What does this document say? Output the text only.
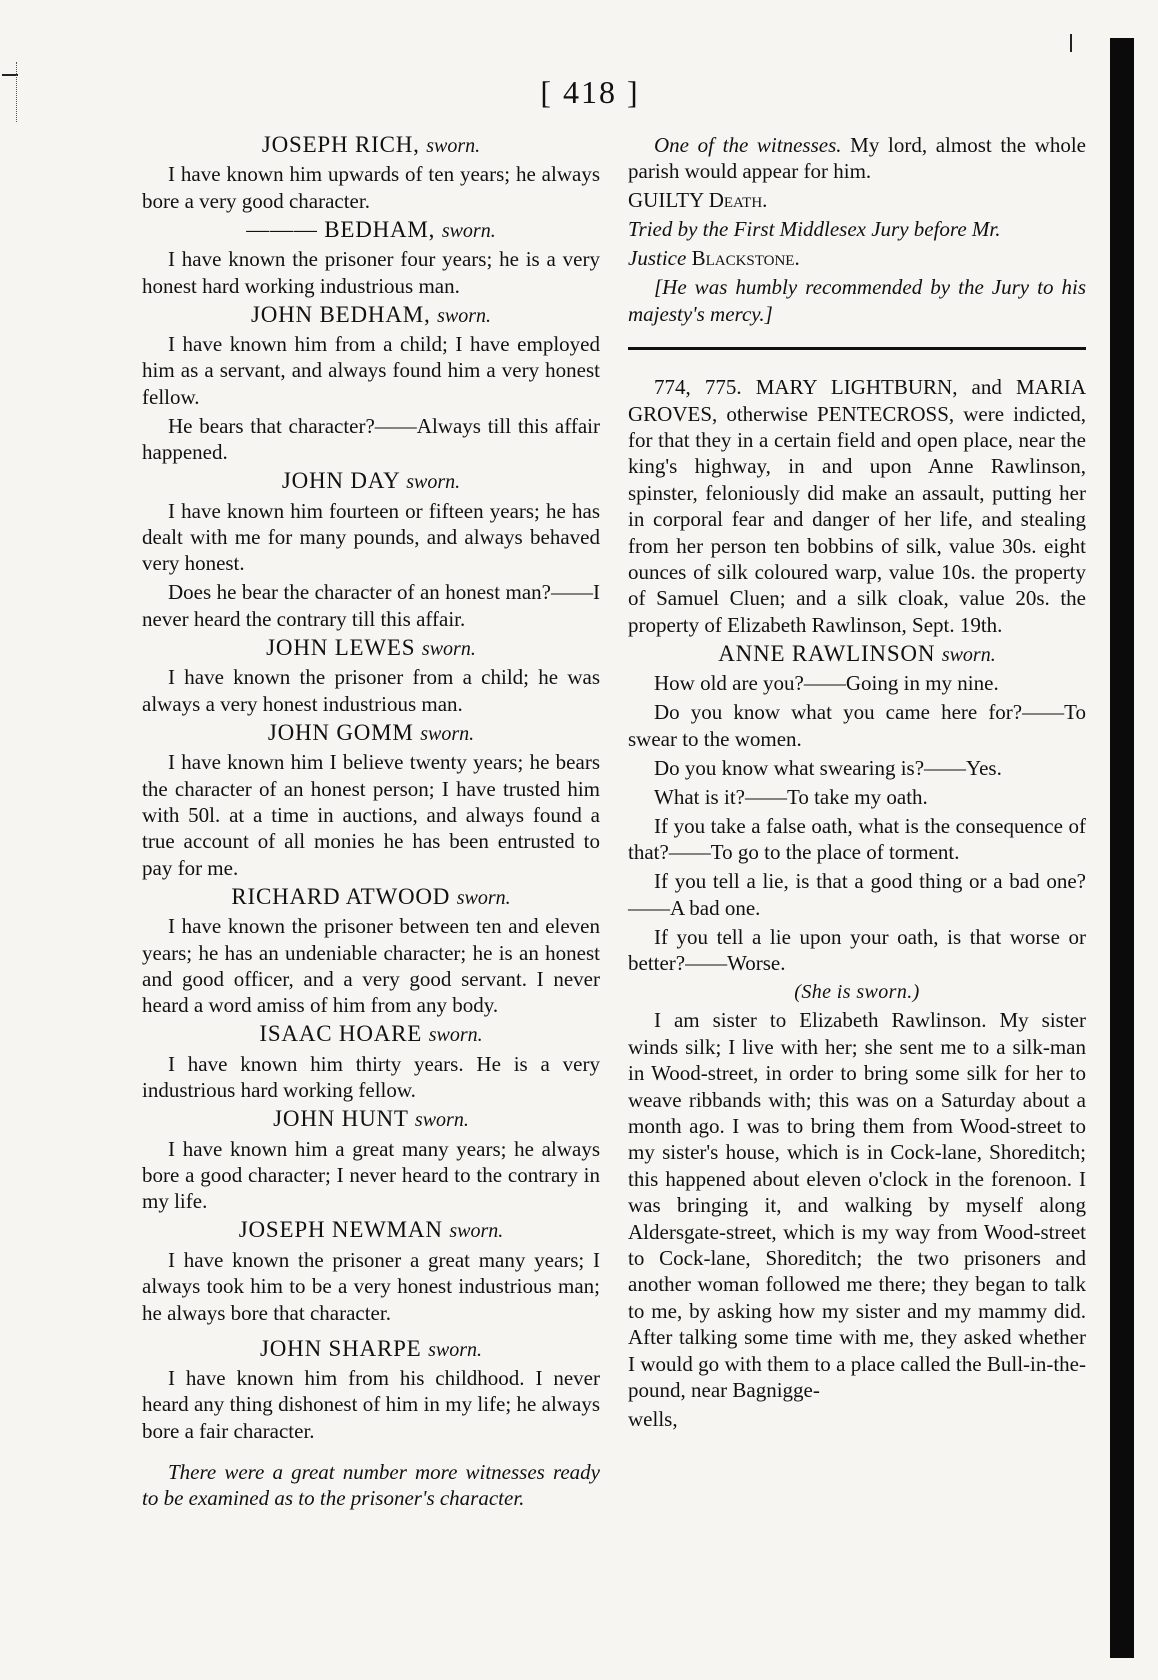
[ 418 ]
JOSEPH RICH, sworn.

I have known him upwards of ten years; he always bore a very good character.

——— BEDHAM, sworn.

I have known the prisoner four years; he is a very honest hard working industrious man.

JOHN BEDHAM, sworn.

I have known him from a child; I have employed him as a servant, and always found him a very honest fellow.

He bears that character?——Always till this affair happened.

JOHN DAY sworn.

I have known him fourteen or fifteen years; he has dealt with me for many pounds, and always behaved very honest.

Does he bear the character of an honest man?——I never heard the contrary till this affair.

JOHN LEWES sworn.

I have known the prisoner from a child; he was always a very honest industrious man.

JOHN GOMM sworn.

I have known him I believe twenty years; he bears the character of an honest person; I have trusted him with 50l. at a time in auctions, and always found a true account of all monies he has been entrusted to pay for me.

RICHARD ATWOOD sworn.

I have known the prisoner between ten and eleven years; he has an undeniable character; he is an honest and good officer, and a very good servant. I never heard a word amiss of him from any body.

ISAAC HOARE sworn.

I have known him thirty years. He is a very industrious hard working fellow.

JOHN HUNT sworn.

I have known him a great many years; he always bore a good character; I never heard to the contrary in my life.

JOSEPH NEWMAN sworn.

I have known the prisoner a great many years; I always took him to be a very honest industrious man; he always bore that character.

JOHN SHARPE sworn.

I have known him from his childhood. I never heard any thing dishonest of him in my life; he always bore a fair character.

There were a great number more witnesses ready to be examined as to the prisoner's character.

One of the witnesses. My lord, almost the whole parish would appear for him.

GUILTY Death.

Tried by the First Middlesex Jury before Mr.

Justice Blackstone.

[He was humbly recommended by the Jury to his majesty's mercy.]

774, 775. MARY LIGHTBURN, and MARIA GROVES, otherwise PENTECROSS, were indicted, for that they in a certain field and open place, near the king's highway, in and upon Anne Rawlinson, spinster, feloniously did make an assault, putting her in corporal fear and danger of her life, and stealing from her person ten bobbins of silk, value 30s. eight ounces of silk coloured warp, value 10s. the property of Samuel Cluen; and a silk cloak, value 20s. the property of Elizabeth Rawlinson, Sept. 19th.

ANNE RAWLINSON sworn.

How old are you?——Going in my nine.

Do you know what you came here for?——To swear to the women.

Do you know what swearing is?——Yes.

What is it?——To take my oath.

If you take a false oath, what is the consequence of that?——To go to the place of torment.

If you tell a lie, is that a good thing or a bad one?——A bad one.

If you tell a lie upon your oath, is that worse or better?——Worse.

(She is sworn.)

I am sister to Elizabeth Rawlinson. My sister winds silk; I live with her; she sent me to a silk-man in Wood-street, in order to bring some silk for her to weave ribbands with; this was on a Saturday about a month ago. I was to bring them from Wood-street to my sister's house, which is in Cock-lane, Shoreditch; this happened about eleven o'clock in the forenoon. I was bringing it, and walking by myself along Aldersgate-street, which is my way from Wood-street to Cock-lane, Shoreditch; the two prisoners and another woman followed me there; they began to talk to me, by asking how my sister and my mammy did. After talking some time with me, they asked whether I would go with them to a place called the Bull-in-the-pound, near Bagnigge-

wells,
